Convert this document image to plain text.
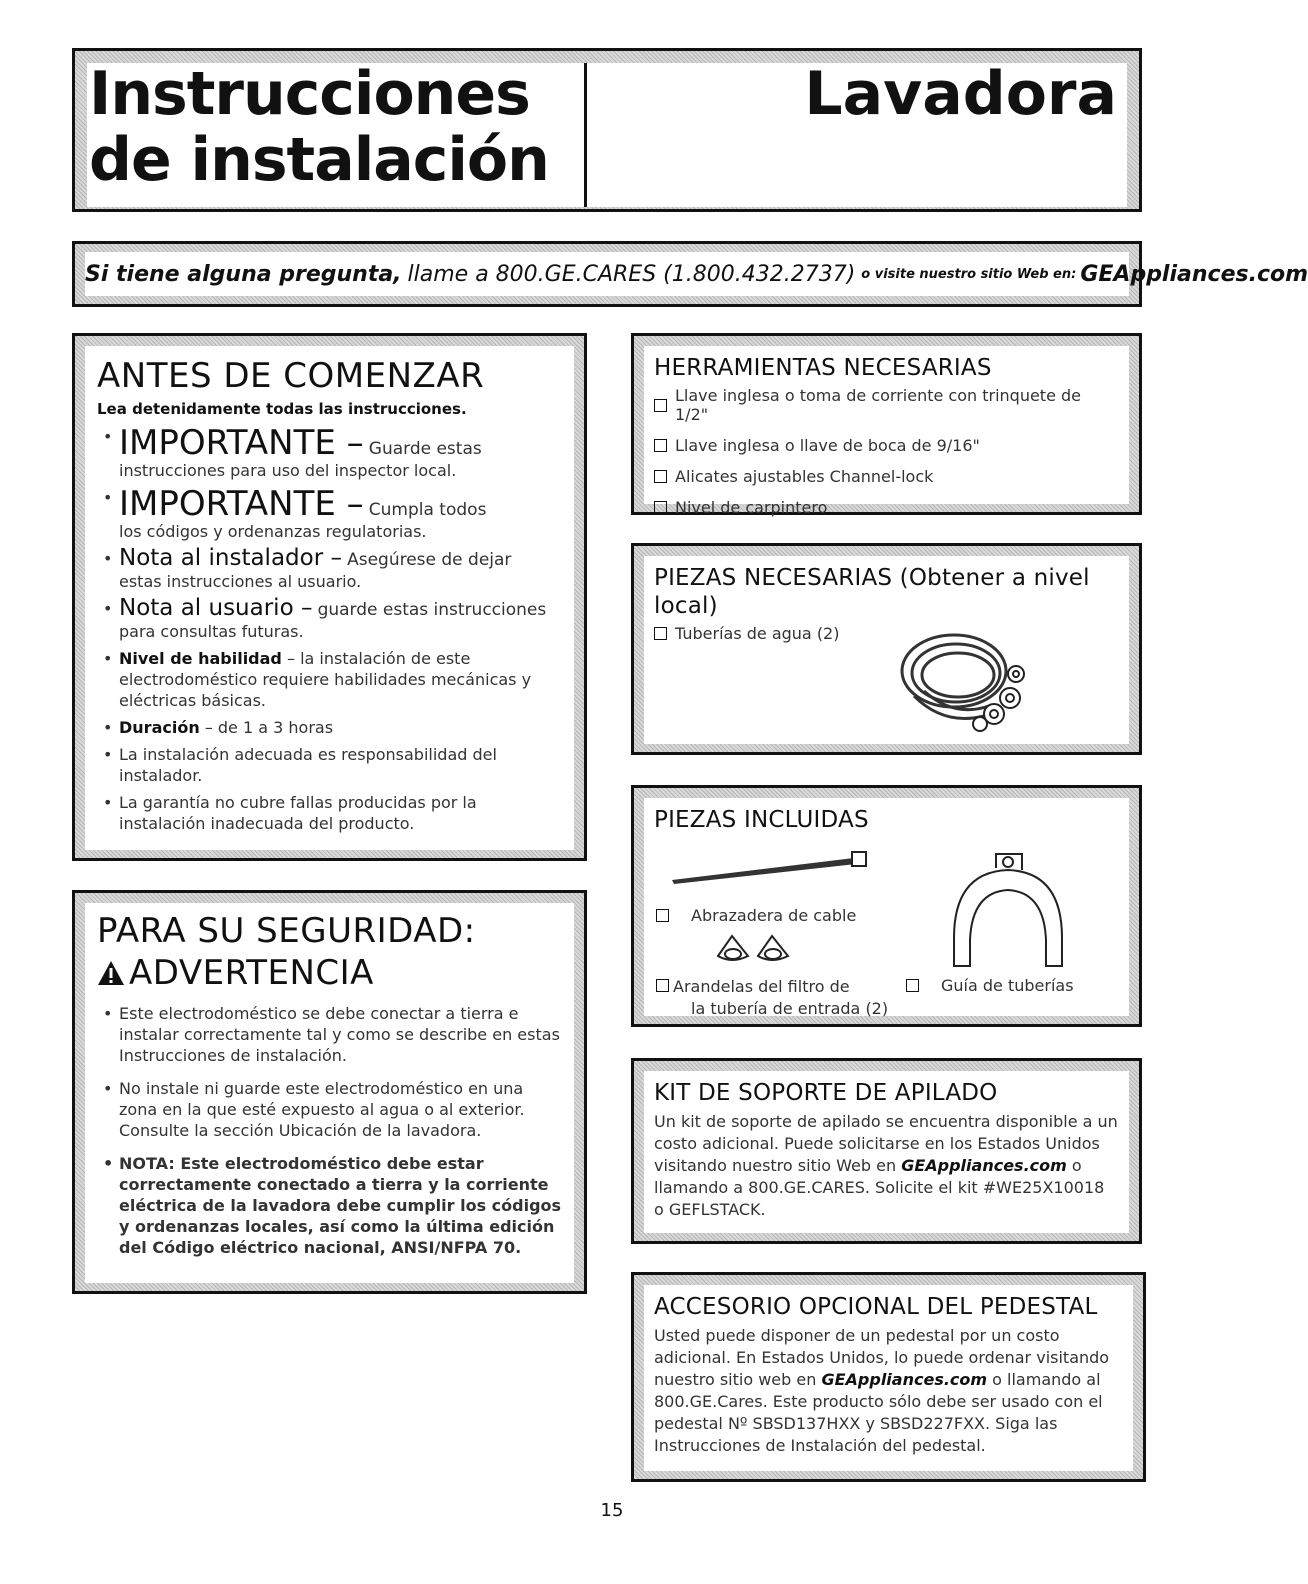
Instrucciones
de instalación
Lavadora
Si tiene alguna pregunta, llame a 800.GE.CARES (1.800.432.2737) o visite nuestro sitio Web en: GEAppliances.com
ANTES DE COMENZAR
Lea detenidamente todas las instrucciones.
• IMPORTANTE – Guarde estas
instrucciones para uso del inspector local.
• IMPORTANTE – Cumpla todos
los códigos y ordenanzas regulatorias.
• Nota al instalador – Asegúrese de dejar
estas instrucciones al usuario.
• Nota al usuario – guarde estas instrucciones
para consultas futuras.
• Nivel de habilidad – la instalación de este electrodoméstico requiere habilidades mecánicas y eléctricas básicas.
• Duración – de 1 a 3 horas
• La instalación adecuada es responsabilidad del instalador.
• La garantía no cubre fallas producidas por la instalación inadecuada del producto.
PARA SU SEGURIDAD:
ADVERTENCIA
• Este electrodoméstico se debe conectar a tierra e instalar correctamente tal y como se describe en estas Instrucciones de instalación.
• No instale ni guarde este electrodoméstico en una zona en la que esté expuesto al agua o al exterior. Consulte la sección Ubicación de la lavadora.
• NOTA: Este electrodoméstico debe estar correctamente conectado a tierra y la corriente eléctrica de la lavadora debe cumplir los códigos y ordenanzas locales, así como la última edición del Código eléctrico nacional, ANSI/NFPA 70.
HERRAMIENTAS NECESARIAS
Llave inglesa o toma de corriente con trinquete de 1/2"
Llave inglesa o llave de boca de 9/16"
Alicates ajustables Channel-lock
Nivel de carpintero
PIEZAS NECESARIAS (Obtener a nivel local)
Tuberías de agua (2)
PIEZAS INCLUIDAS
Abrazadera de cable
Arandelas del filtro de
la tubería de entrada (2)
Guía de tuberías
KIT DE SOPORTE DE APILADO
Un kit de soporte de apilado se encuentra disponible a un costo adicional. Puede solicitarse en los Estados Unidos visitando nuestro sitio Web en GEAppliances.com o llamando a 800.GE.CARES. Solicite el kit #WE25X10018 o GEFLSTACK.
ACCESORIO OPCIONAL DEL PEDESTAL
Usted puede disponer de un pedestal por un costo adicional. En Estados Unidos, lo puede ordenar visitando nuestro sitio web en GEAppliances.com o llamando al 800.GE.Cares. Este producto sólo debe ser usado con el pedestal Nº SBSD137HXX y SBSD227FXX. Siga las Instrucciones de Instalación del pedestal.
15
